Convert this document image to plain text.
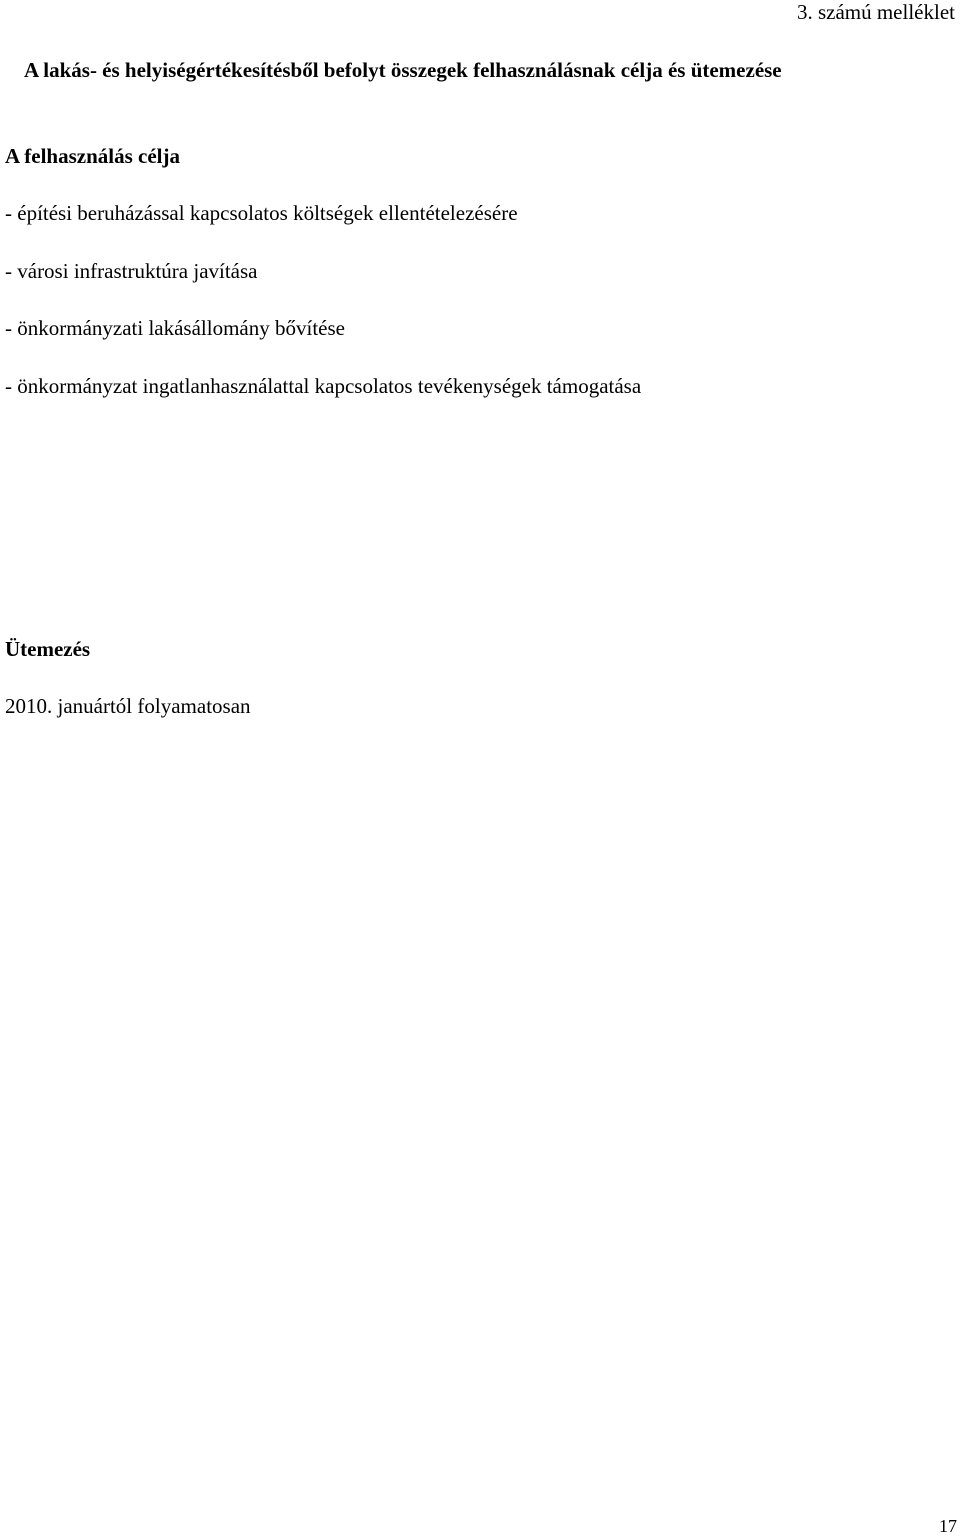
3. számú melléklet
A lakás- és helyiségértékesítésből befolyt összegek felhasználásnak célja és ütemezése
A felhasználás célja
- építési beruházással kapcsolatos költségek ellentételezésére
- városi infrastruktúra javítása
- önkormányzati lakásállomány bővítése
- önkormányzat ingatlanhasználattal kapcsolatos tevékenységek támogatása
Ütemezés
2010. januártól folyamatosan
17
